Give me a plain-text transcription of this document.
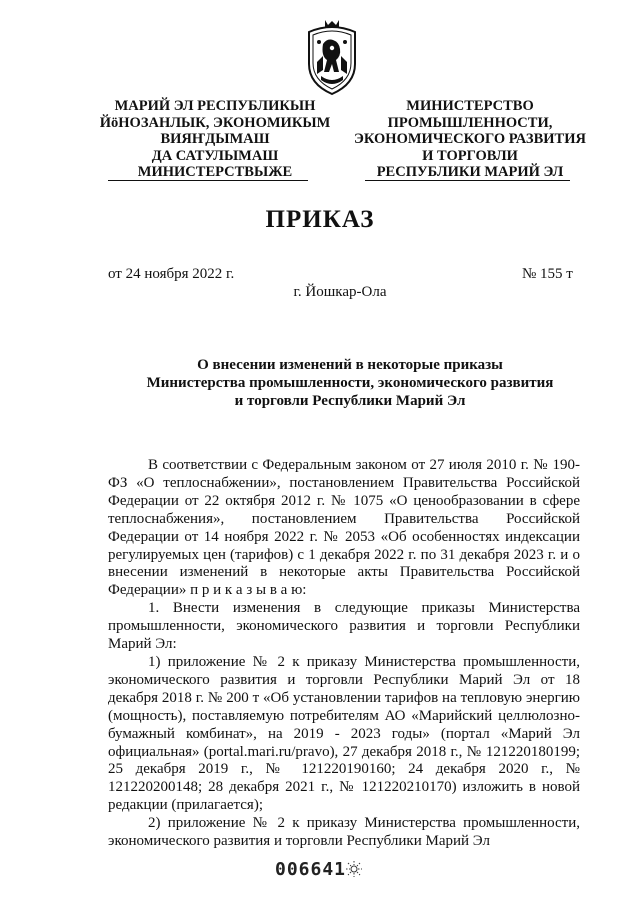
МАРИЙ ЭЛ РЕСПУБЛИКЫН
ЙӧНОЗАНЛЫК, ЭКОНОМИКЫМ
ВИЯҤДЫМАШ
ДА САТУЛЫМАШ
МИНИСТЕРСТВЫЖЕ
МИНИСТЕРСТВО
ПРОМЫШЛЕННОСТИ,
ЭКОНОМИЧЕСКОГО РАЗВИТИЯ
И ТОРГОВЛИ
РЕСПУБЛИКИ МАРИЙ ЭЛ
ПРИКАЗ
от 24 ноября 2022 г.	№ 155 т
г. Йошкар-Ола
О внесении изменений в некоторые приказы
Министерства промышленности, экономического развития
и торговли Республики Марий Эл

В соответствии с Федеральным законом от 27 июля 2010 г. № 190-ФЗ «О теплоснабжении», постановлением Правительства Российской Федерации от 22 октября 2012 г. № 1075 «О ценообразовании в сфере теплоснабжения», постановлением Правительства Российской Федерации от 14 ноября 2022 г. № 2053 «Об особенностях индексации регулируемых цен (тарифов) с 1 декабря 2022 г. по 31 декабря 2023 г. и о внесении изменений в некоторые акты Правительства Российской Федерации» п р и к а з ы в а ю:

1. Внести изменения в следующие приказы Министерства промышленности, экономического развития и торговли Республики Марий Эл:

1) приложение № 2 к приказу Министерства промышленности, экономического развития и торговли Республики Марий Эл от 18 декабря 2018 г. № 200 т «Об установлении тарифов на тепловую энергию (мощность), поставляемую потребителям АО «Марийский целлюлозно-бумажный комбинат», на 2019 - 2023 годы» (портал «Марий Эл официальная» (portal.mari.ru/pravo), 27 декабря 2018 г., № 121220180199; 25 декабря 2019 г., № 121220190160; 24 декабря 2020 г., № 121220200148; 28 декабря 2021 г., № 121220210170) изложить в новой редакции (прилагается);

2) приложение № 2 к приказу Министерства промышленности, экономического развития и торговли Республики Марий Эл

006641
